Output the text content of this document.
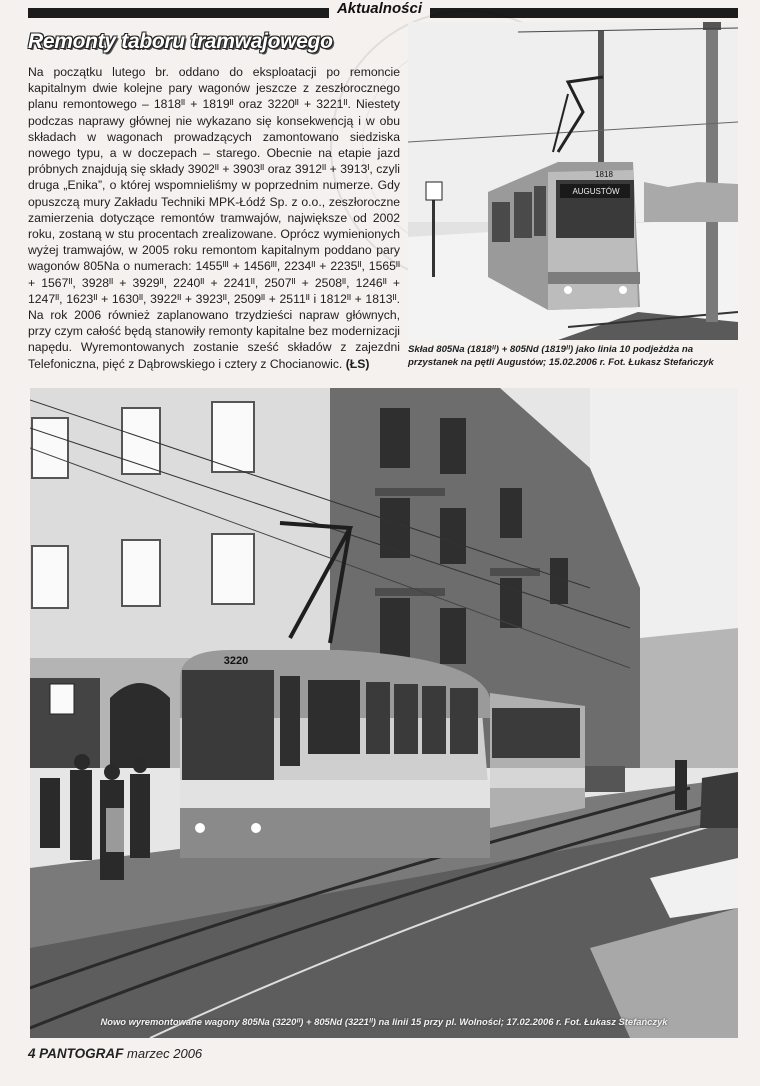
Aktualności
Remonty taboru tramwajowego

Na początku lutego br. oddano do eksploatacji po remoncie kapitalnym dwie kolejne pary wagonów jeszcze z zeszłorocznego planu remontowego – 1818ᴵᴵ + 1819ᴵᴵ oraz 3220ᴵᴵ + 3221ᴵᴵ. Niestety podczas naprawy głównej nie wykazano się konsekwencją i w obu składach w wagonach prowadzących zamontowano siedziska nowego typu, a w doczepach – starego. Obecnie na etapie jazd próbnych znajdują się składy 3902ᴵᴵ + 3903ᴵᴵ oraz 3912ᴵᴵ + 3913ᴵ, czyli druga „Enika”, o której wspomnieliśmy w poprzednim numerze. Gdy opuszczą mury Zakładu Techniki MPK-Łódź Sp. z o.o., zeszłoroczne zamierzenia dotyczące remontów tramwajów, największe od 2002 roku, zostaną w stu procentach zrealizowane. Oprócz wymienionych wyżej tramwajów, w 2005 roku remontom kapitalnym poddano pary wagonów 805Na o numerach: 1455ᴵᴵᴵ + 1456ᴵᴵᴵ, 2234ᴵᴵ + 2235ᴵᴵ, 1565ᴵᴵ + 1567ᴵᴵ, 3928ᴵᴵ + 3929ᴵᴵ, 2240ᴵᴵ + 2241ᴵᴵ, 2507ᴵᴵ + 2508ᴵᴵ, 1246ᴵᴵ + 1247ᴵᴵ, 1623ᴵᴵ + 1630ᴵᴵ, 3922ᴵᴵ + 3923ᴵᴵ, 2509ᴵᴵ + 2511ᴵᴵ i 1812ᴵᴵ + 1813ᴵᴵ. Na rok 2006 również zaplanowano trzydzieści napraw głównych, przy czym całość będą stanowiły remonty kapitalne bez modernizacji napędu. Wyremontowanych zostanie sześć składów z zajezdni Telefoniczna, pięć z Dąbrowskiego i cztery z Chocianowic. (ŁS)

AUGUSTÓW
1818
Skład 805Na (1818ᴵᴵ) + 805Nd (1819ᴵᴵ) jako linia 10 podjeżdża na przystanek na pętli Augustów; 15.02.2006 r. Fot. Łukasz Stefańczyk
3220
Nowo wyremontowane wagony 805Na (3220ᴵᴵ) + 805Nd (3221ᴵᴵ) na linii 15 przy pl. Wolności; 17.02.2006 r. Fot. Łukasz Stefańczyk
4 PANTOGRAF marzec 2006
